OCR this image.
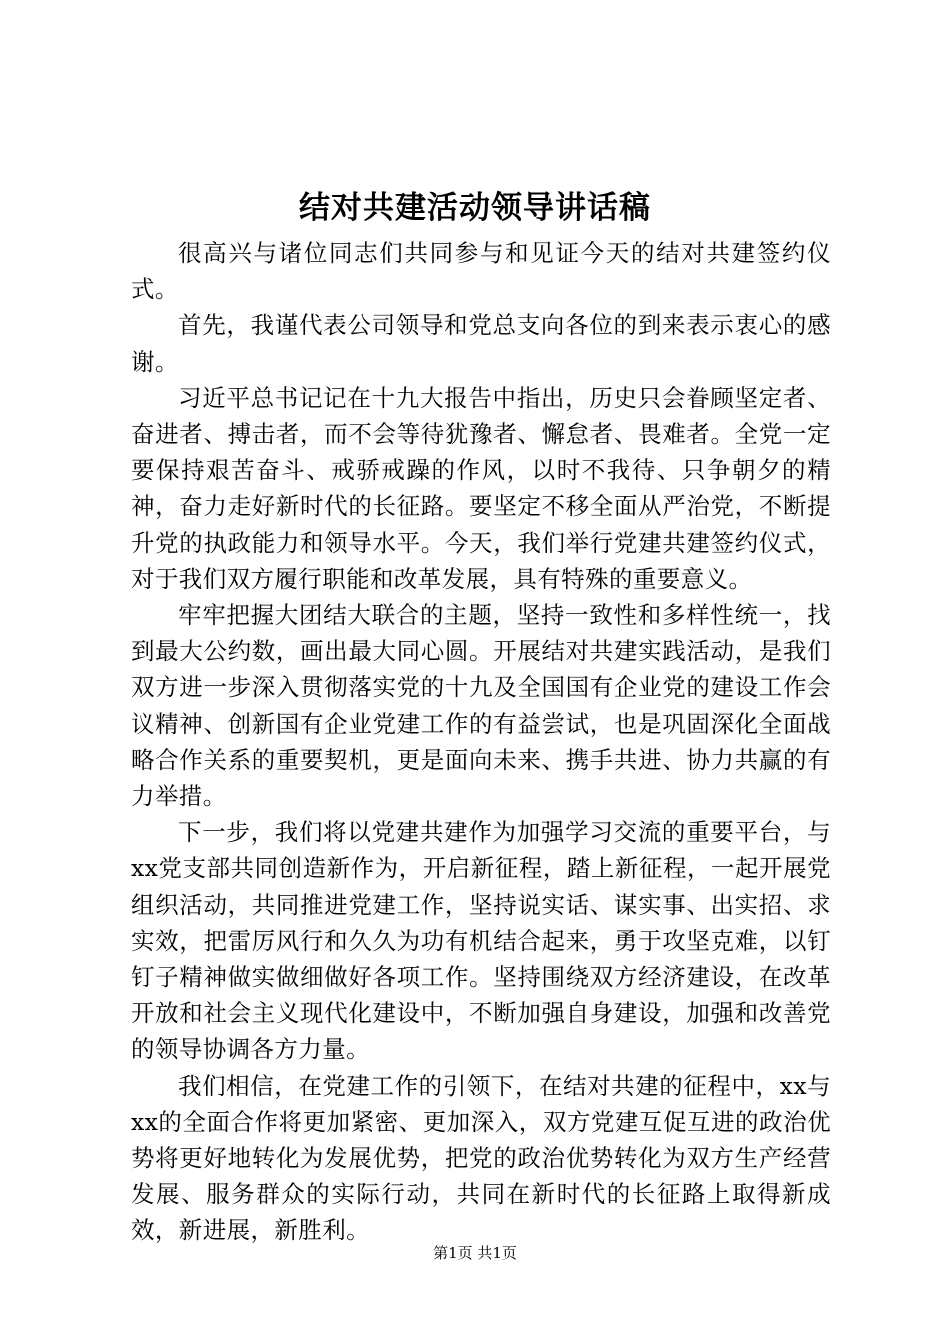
结对共建活动领导讲话稿

很高兴与诸位同志们共同参与和见证今天的结对共建签约仪式。

首先，我谨代表公司领导和党总支向各位的到来表示衷心的感谢。

习近平总书记记在十九大报告中指出，历史只会眷顾坚定者、奋进者、搏击者，而不会等待犹豫者、懈怠者、畏难者。全党一定要保持艰苦奋斗、戒骄戒躁的作风，以时不我待、只争朝夕的精神，奋力走好新时代的长征路。要坚定不移全面从严治党，不断提升党的执政能力和领导水平。今天，我们举行党建共建签约仪式，对于我们双方履行职能和改革发展，具有特殊的重要意义。

牢牢把握大团结大联合的主题，坚持一致性和多样性统一，找到最大公约数，画出最大同心圆。开展结对共建实践活动，是我们双方进一步深入贯彻落实党的十九及全国国有企业党的建设工作会议精神、创新国有企业党建工作的有益尝试，也是巩固深化全面战略合作关系的重要契机，更是面向未来、携手共进、协力共赢的有力举措。

下一步，我们将以党建共建作为加强学习交流的重要平台，与xx党支部共同创造新作为，开启新征程，踏上新征程，一起开展党组织活动，共同推进党建工作，坚持说实话、谋实事、出实招、求实效，把雷厉风行和久久为功有机结合起来，勇于攻坚克难，以钉钉子精神做实做细做好各项工作。坚持围绕双方经济建设，在改革开放和社会主义现代化建设中，不断加强自身建设，加强和改善党的领导协调各方力量。

我们相信，在党建工作的引领下，在结对共建的征程中，xx与xx的全面合作将更加紧密、更加深入，双方党建互促互进的政治优势将更好地转化为发展优势，把党的政治优势转化为双方生产经营发展、服务群众的实际行动，共同在新时代的长征路上取得新成效，新进展，新胜利。

第1页 共1页
